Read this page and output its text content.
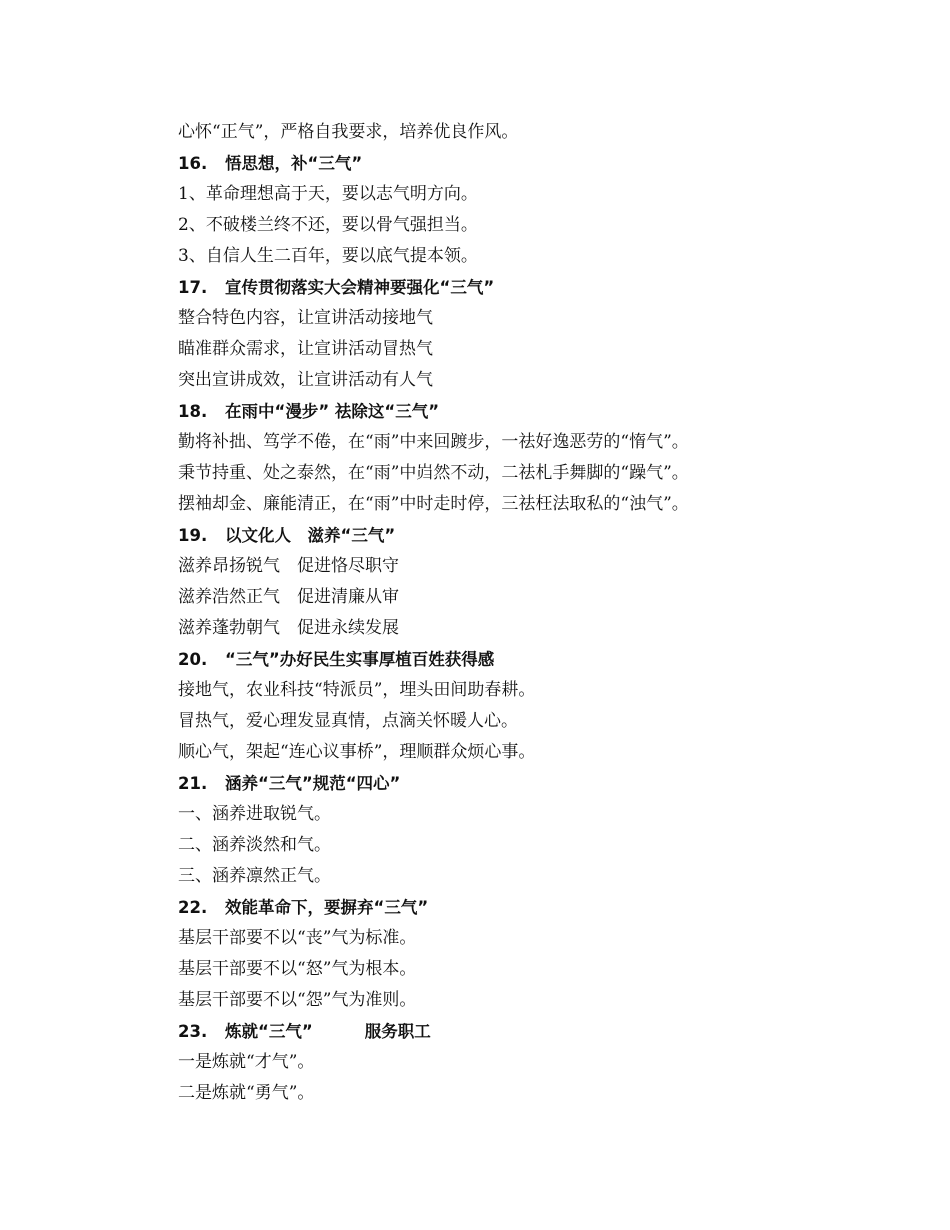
心怀“正气”，严格自我要求，培养优良作风。

16. 悟思想，补“三气”

1、革命理想高于天，要以志气明方向。

2、不破楼兰终不还，要以骨气强担当。

3、自信人生二百年，要以底气提本领。

17. 宣传贯彻落实大会精神要强化“三气”

整合特色内容，让宣讲活动接地气

瞄准群众需求，让宣讲活动冒热气

突出宣讲成效，让宣讲活动有人气

18. 在雨中“漫步” 祛除这“三气”

勤将补拙、笃学不倦，在“雨”中来回踱步，一祛好逸恶劳的“惰气”。

秉节持重、处之泰然，在“雨”中岿然不动，二祛札手舞脚的“躁气”。

摆袖却金、廉能清正，在“雨”中时走时停，三祛枉法取私的“浊气”。

19. 以文化人　滋养“三气”

滋养昂扬锐气　促进恪尽职守

滋养浩然正气　促进清廉从审

滋养蓬勃朝气　促进永续发展

20. “三气”办好民生实事厚植百姓获得感

接地气，农业科技“特派员”，埋头田间助春耕。

冒热气，爱心理发显真情，点滴关怀暖人心。

顺心气，架起“连心议事桥”，理顺群众烦心事。

21. 涵养“三气”规范“四心”

一、涵养进取锐气。

二、涵养淡然和气。

三、涵养凛然正气。

22. 效能革命下，要摒弃“三气”

基层干部要不以“丧”气为标准。

基层干部要不以“怒”气为根本。

基层干部要不以“怨”气为准则。

23. 炼就“三气”	服务职工

一是炼就“才气”。

二是炼就“勇气”。
